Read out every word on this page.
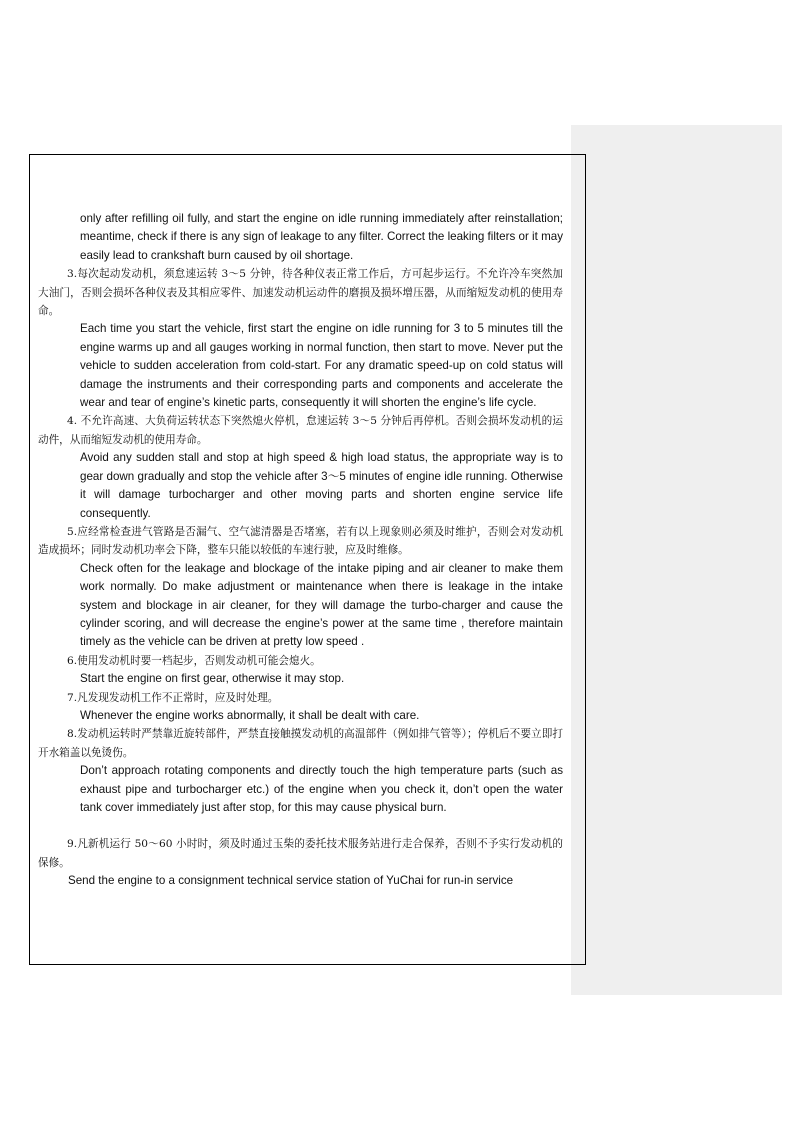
only after refilling oil fully, and start the engine on idle running immediately after reinstallation; meantime, check if there is any sign of leakage to any filter. Correct the leaking filters or it may easily lead to crankshaft burn caused by oil shortage.

3.每次起动发动机，须怠速运转 3～5 分钟，待各种仪表正常工作后，方可起步运行。不允许冷车突然加大油门，否则会损坏各种仪表及其相应零件、加速发动机运动件的磨损及损坏增压器，从而缩短发动机的使用寿命。

Each time you start the vehicle, first start the engine on idle running for 3 to 5 minutes till the engine warms up and all gauges working in normal function, then start to move. Never put the vehicle to sudden acceleration from cold-start. For any dramatic speed-up on cold status will damage the instruments and their corresponding parts and components and accelerate the wear and tear of engine’s kinetic parts, consequently it will shorten the engine’s life cycle.

4. 不允许高速、大负荷运转状态下突然熄火停机，怠速运转 3～5 分钟后再停机。否则会损坏发动机的运动件，从而缩短发动机的使用寿命。

Avoid any sudden stall and stop at high speed & high load status, the appropriate way is to gear down gradually and stop the vehicle after 3～5 minutes of engine idle running. Otherwise it will damage turbocharger and other moving parts and shorten engine service life consequently.

5.应经常检查进气管路是否漏气、空气滤清器是否堵塞，若有以上现象则必须及时维护，否则会对发动机造成损坏；同时发动机功率会下降，整车只能以较低的车速行驶，应及时维修。

Check often for the leakage and blockage of the intake piping and air cleaner to make them work normally. Do make adjustment or maintenance when there is leakage in the intake system and blockage in air cleaner, for they will damage the turbo-charger and cause the cylinder scoring, and will decrease the engine’s power at the same time , therefore maintain timely as the vehicle can be driven at pretty low speed .

6.使用发动机时要一档起步，否则发动机可能会熄火。

Start the engine on first gear, otherwise it may stop.

7.凡发现发动机工作不正常时，应及时处理。

Whenever the engine works abnormally, it shall be dealt with care.

8.发动机运转时严禁靠近旋转部件，严禁直接触摸发动机的高温部件（例如排气管等）；停机后不要立即打开水箱盖以免烫伤。

Don’t approach rotating components and directly touch the high temperature parts (such as exhaust pipe and turbocharger etc.) of the engine when you check it, don’t open the water tank cover immediately just after stop, for this may cause physical burn.

9.凡新机运行 50～60 小时时，须及时通过玉柴的委托技术服务站进行走合保养，否则不予实行发动机的保修。

Send the engine to a consignment technical service station of YuChai for run-in service
